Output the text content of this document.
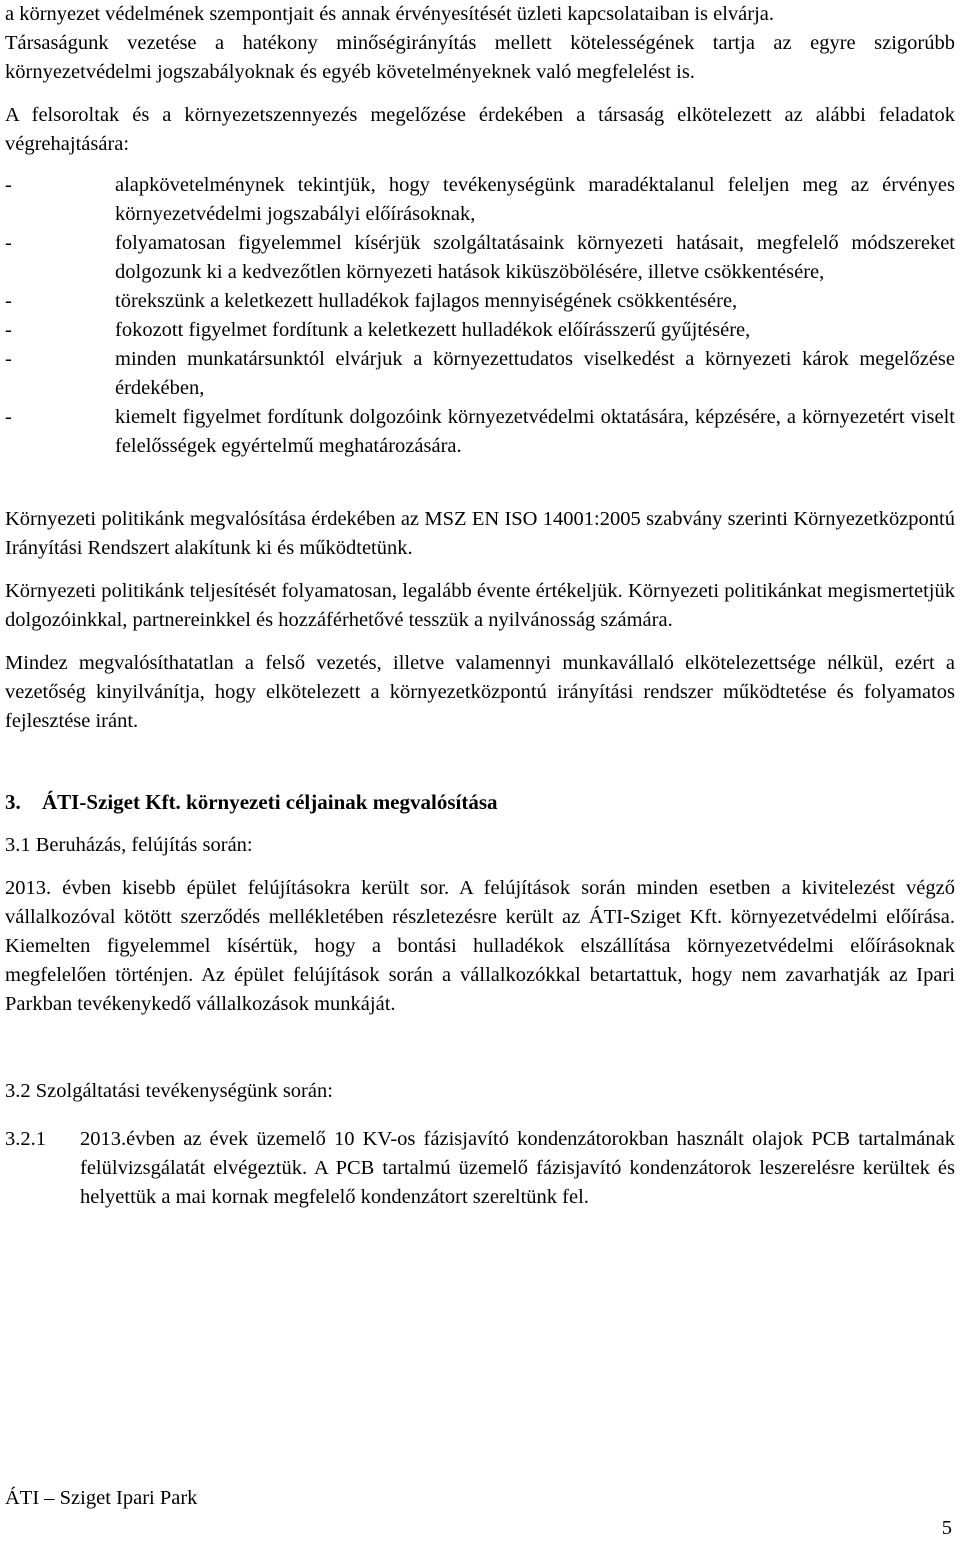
a környezet védelmének szempontjait és annak érvényesítését üzleti kapcsolataiban is elvárja.

Társaságunk vezetése a hatékony minőségirányítás mellett kötelességének tartja az egyre szigorúbb környezetvédelmi jogszabályoknak és egyéb követelményeknek való megfelelést is.

A felsoroltak és a környezetszennyezés megelőzése érdekében a társaság elkötelezett az alábbi feladatok végrehajtására:

-	alapkövetelménynek tekintjük, hogy tevékenységünk maradéktalanul feleljen meg az érvényes környezetvédelmi jogszabályi előírásoknak,
-	folyamatosan figyelemmel kísérjük szolgáltatásaink környezeti hatásait, megfelelő módszereket dolgozunk ki a kedvezőtlen környezeti hatások kiküszöbölésére, illetve csökkentésére,
-	törekszünk a keletkezett hulladékok fajlagos mennyiségének csökkentésére,
-	fokozott figyelmet fordítunk a keletkezett hulladékok előírásszerű gyűjtésére,
-	minden munkatársunktól elvárjuk a környezettudatos viselkedést a környezeti károk megelőzése érdekében,
-	kiemelt figyelmet fordítunk dolgozóink környezetvédelmi oktatására, képzésére, a környezetért viselt felelősségek egyértelmű meghatározására.

Környezeti politikánk megvalósítása érdekében az MSZ EN ISO 14001:2005 szabvány szerinti Környezetközpontú Irányítási Rendszert alakítunk ki és működtetünk.

Környezeti politikánk teljesítését folyamatosan, legalább évente értékeljük. Környezeti politikánkat megismertetjük dolgozóinkkal, partnereinkkel és hozzáférhetővé tesszük a nyilvánosság számára.

Mindez megvalósíthatatlan a felső vezetés, illetve valamennyi munkavállaló elkötelezettsége nélkül, ezért a vezetőség kinyilvánítja, hogy elkötelezett a környezetközpontú irányítási rendszer működtetése és folyamatos fejlesztése iránt.

3. ÁTI-Sziget Kft. környezeti céljainak megvalósítása

3.1 Beruházás, felújítás során:

2013. évben kisebb épület felújításokra került sor. A felújítások során minden esetben a kivitelezést végző vállalkozóval kötött szerződés mellékletében részletezésre került az ÁTI-Sziget Kft. környezetvédelmi előírása. Kiemelten figyelemmel kísértük, hogy a bontási hulladékok elszállítása környezetvédelmi előírásoknak megfelelően történjen. Az épület felújítások során a vállalkozókkal betartattuk, hogy nem zavarhatják az Ipari Parkban tevékenykedő vállalkozások munkáját.

3.2 Szolgáltatási tevékenységünk során:

3.2.1 2013.évben az évek üzemelő 10 KV-os fázisjavító kondenzátorokban használt olajok PCB tartalmának felülvizsgálatát elvégeztük. A PCB tartalmú üzemelő fázisjavító kondenzátorok leszerelésre kerültek és helyettük a mai kornak megfelelő kondenzátort szereltünk fel.
ÁTI – Sziget Ipari Park
5
